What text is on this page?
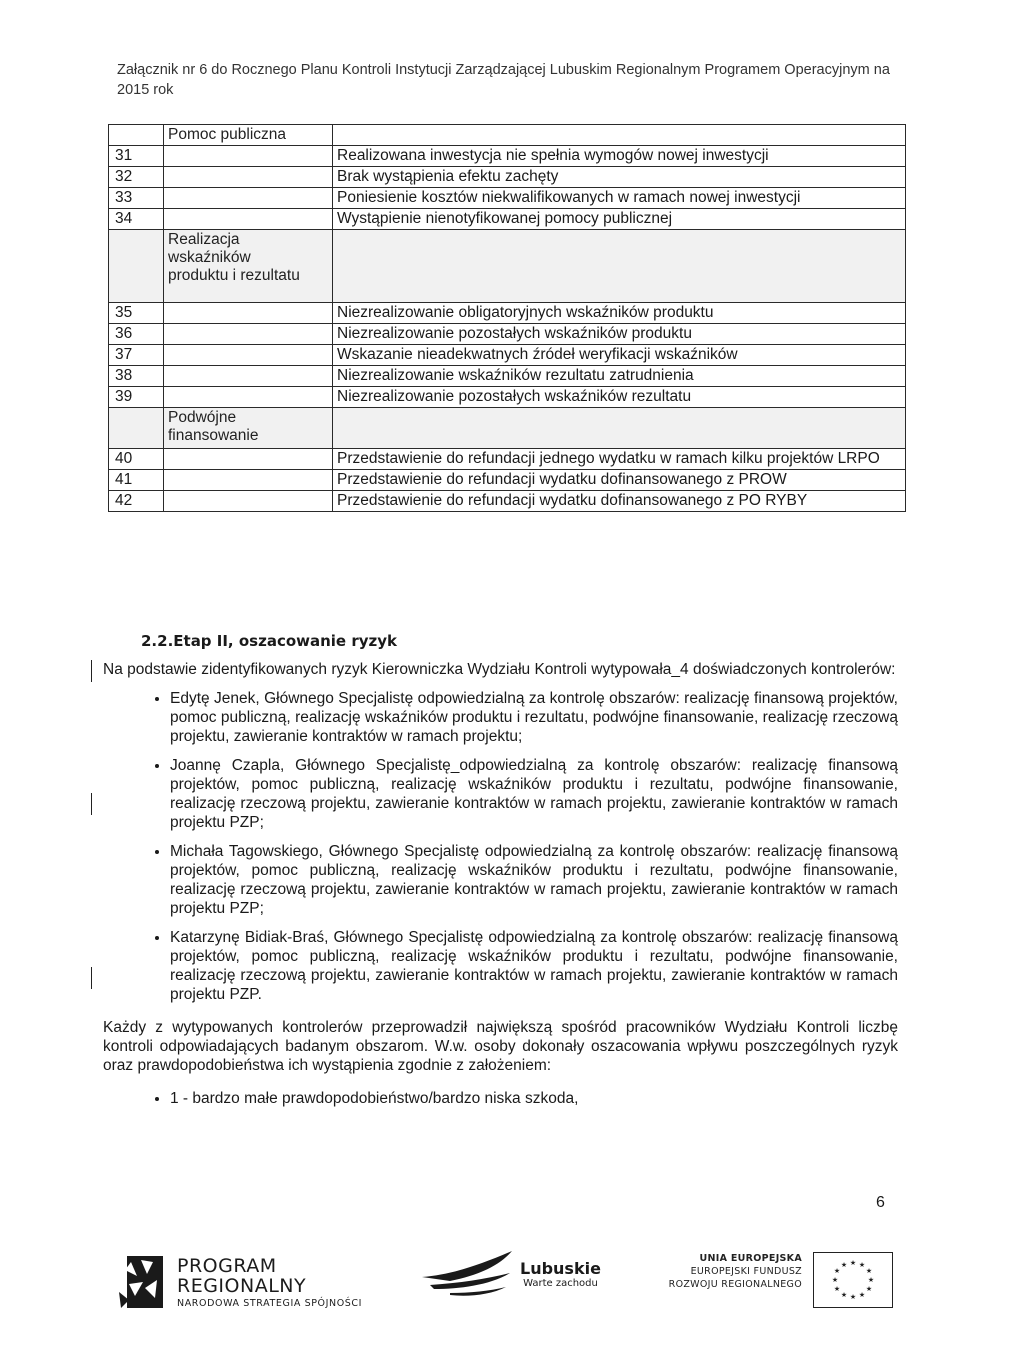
Załącznik nr 6 do Rocznego Planu Kontroli Instytucji Zarządzającej Lubuskim Regionalnym Programem Operacyjnym na
2015 rok
	Pomoc publiczna	
31		Realizowana inwestycja nie spełnia wymogów nowej inwestycji
32		Brak wystąpienia efektu zachęty
33		Poniesienie kosztów niekwalifikowanych w ramach nowej inwestycji
34		Wystąpienie nienotyfikowanej pomocy publicznej

	Realizacja
wskaźników
produktu i rezultatu	

35		Niezrealizowanie obligatoryjnych wskaźników produktu
36		Niezrealizowanie pozostałych wskaźników produktu
37		Wskazanie nieadekwatnych źródeł weryfikacji wskaźników
38		Niezrealizowanie wskaźników rezultatu zatrudnienia
39		Niezrealizowanie pozostałych wskaźników rezultatu

	Podwójne
finansowanie	

40		Przedstawienie do refundacji jednego wydatku w ramach kilku projektów LRPO
41		Przedstawienie do refundacji wydatku dofinansowanego z PROW
42		Przedstawienie do refundacji wydatku dofinansowanego z PO RYBY
2.2.Etap II, oszacowanie ryzyk

Na podstawie zidentyfikowanych ryzyk Kierowniczka Wydziału Kontroli wytypowała_4 doświadczonych kontrolerów:

• Edytę Jenek, Głównego Specjalistę odpowiedzialną za kontrolę obszarów: realizację finansową projektów, pomoc publiczną, realizację wskaźników produktu i rezultatu, podwójne finansowanie, realizację rzeczową projektu, zawieranie kontraktów w ramach projektu;
• Joannę Czapla, Głównego Specjalistę_odpowiedzialną za kontrolę obszarów: realizację finansową projektów, pomoc publiczną, realizację wskaźników produktu i rezultatu, podwójne finansowanie, realizację rzeczową projektu, zawieranie kontraktów w ramach projektu, zawieranie kontraktów w ramach projektu PZP;
• Michała Tagowskiego, Głównego Specjalistę odpowiedzialną za kontrolę obszarów: realizację finansową projektów, pomoc publiczną, realizację wskaźników produktu i rezultatu, podwójne finansowanie, realizację rzeczową projektu, zawieranie kontraktów w ramach projektu, zawieranie kontraktów w ramach projektu PZP;
• Katarzynę Bidiak-Braś, Głównego Specjalistę odpowiedzialną za kontrolę obszarów: realizację finansową projektów, pomoc publiczną, realizację wskaźników produktu i rezultatu, podwójne finansowanie, realizację rzeczową projektu, zawieranie kontraktów w ramach projektu, zawieranie kontraktów w ramach projektu PZP.

Każdy z wytypowanych kontrolerów przeprowadził największą spośród pracowników Wydziału Kontroli liczbę kontroli odpowiadających badanym obszarom. W.w. osoby dokonały oszacowania wpływu poszczególnych ryzyk oraz prawdopodobieństwa ich wystąpienia zgodnie z założeniem:

• 1 - bardzo małe prawdopodobieństwo/bardzo niska szkoda,
6
PROGRAM
REGIONALNY
NARODOWA STRATEGIA SPÓJNOŚCI
Lubuskie
Warte zachodu
UNIA EUROPEJSKA
EUROPEJSKI FUNDUSZ
ROZWOJU REGIONALNEGO
★ ★
★
★
★
★
★
★
★
★
★
★
